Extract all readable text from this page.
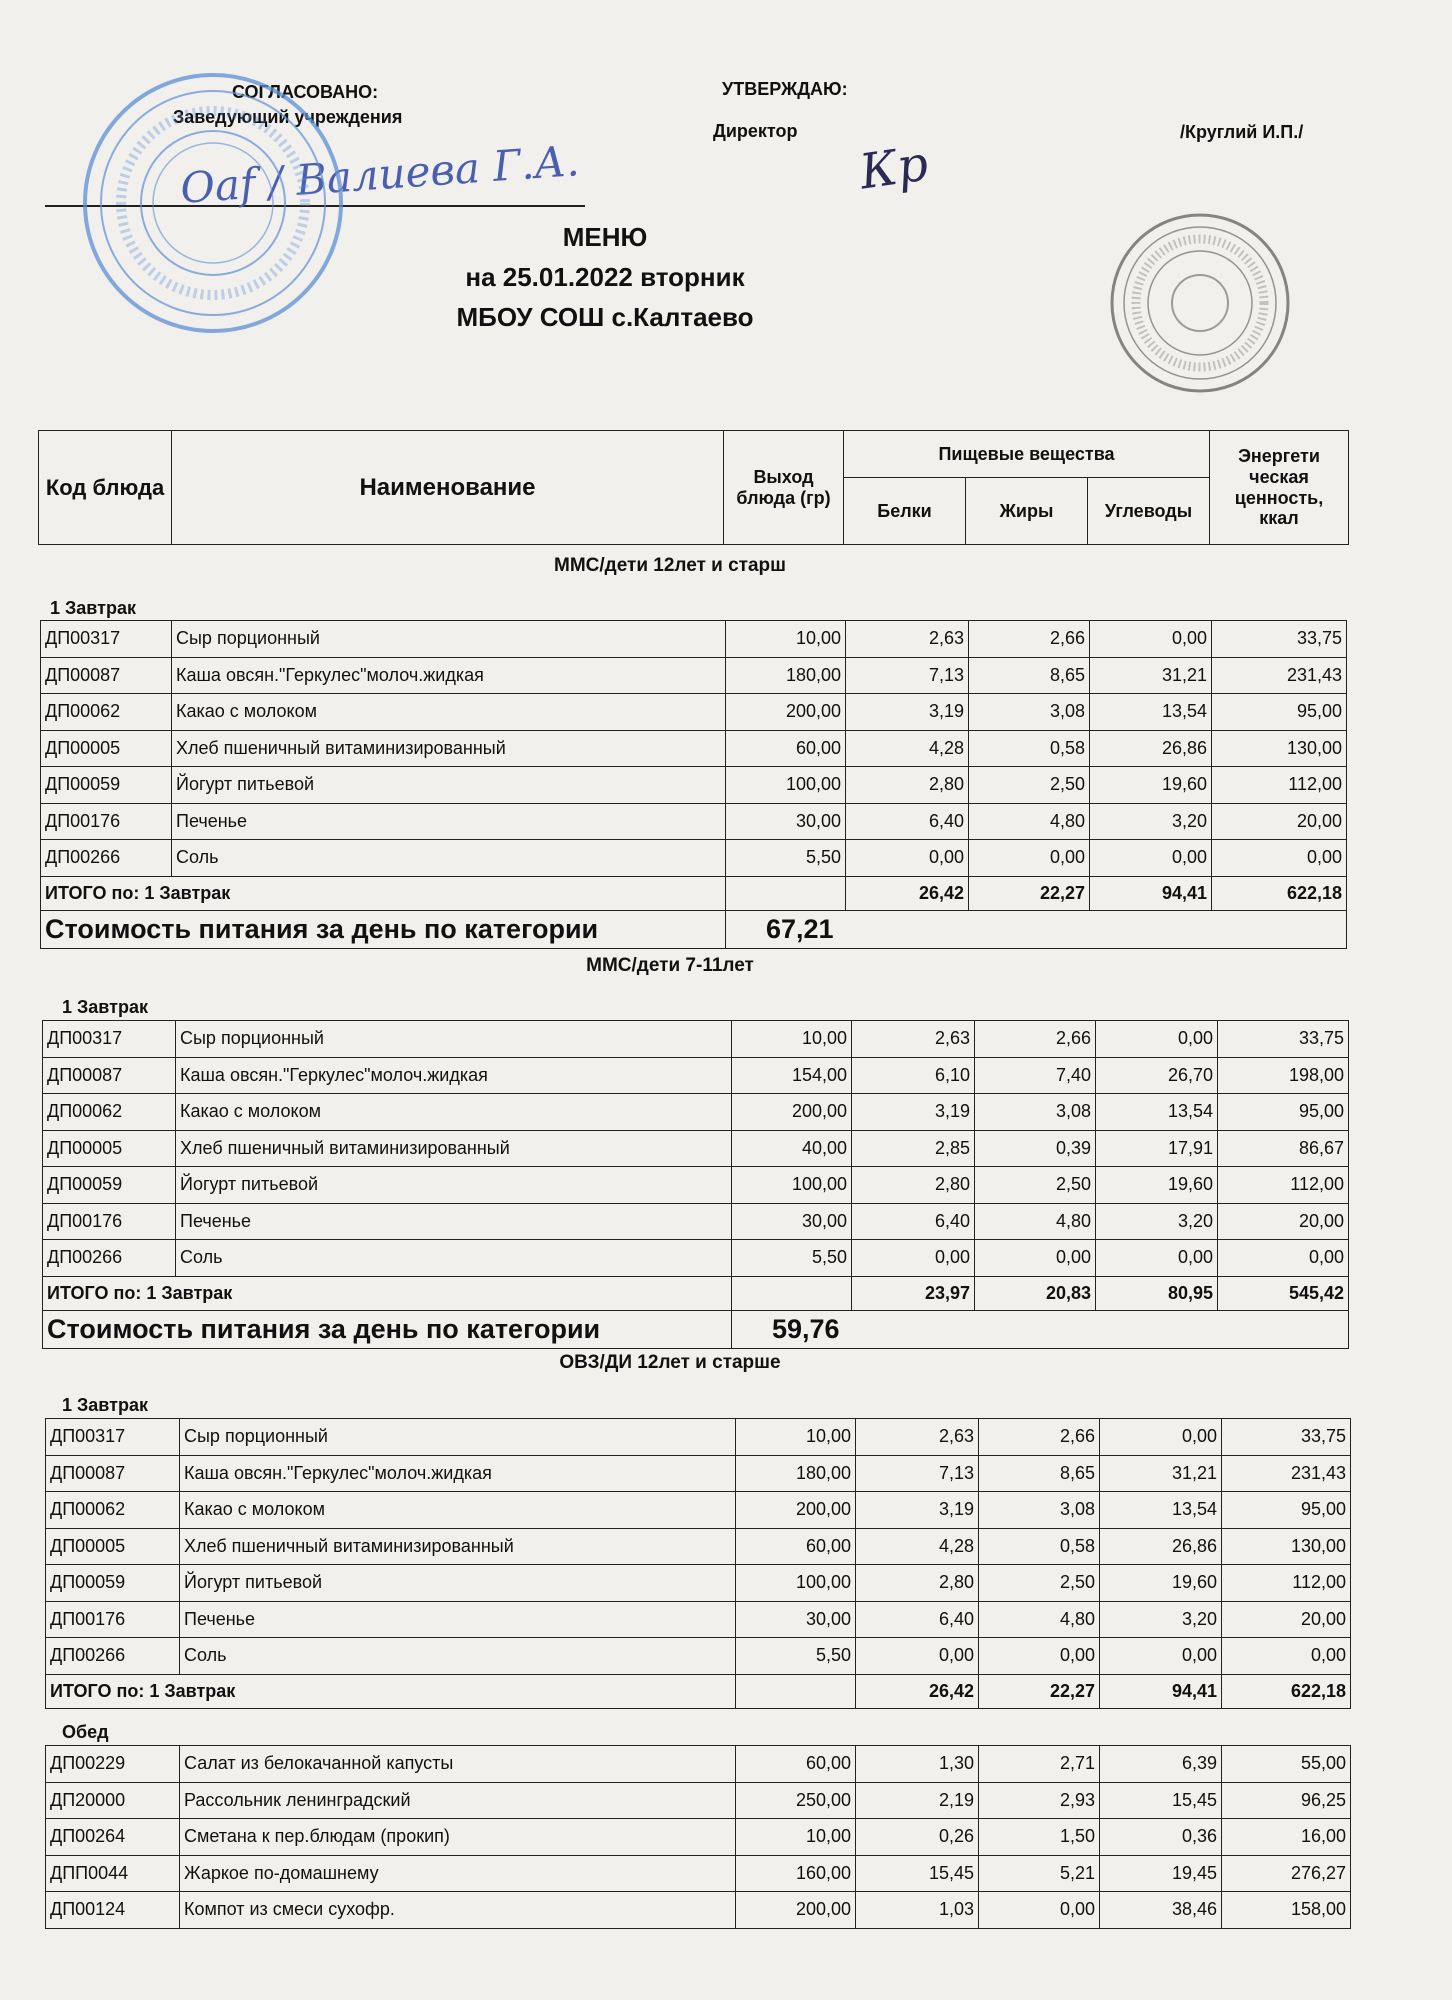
СОГЛАСОВАНО:
Заведующий учреждения
УТВЕРЖДАЮ:
Директор	/Круглий И.П./
Оаf / Валиева Г.А.	Кр
МЕНЮ
на 25.01.2022 вторник
МБОУ СОШ с.Калтаево
Код блюда	Наименование	Выход блюда (гр)	Пищевые вещества			Энергети ческая ценность, ккал
			Белки	Жиры	Углеводы	
ММС/дети 12лет и старш
1 Завтрак
ДП00317	Сыр порционный	10,00	2,63	2,66	0,00	33,75
ДП00087	Каша овсян."Геркулес"молоч.жидкая	180,00	7,13	8,65	31,21	231,43
ДП00062	Какао с молоком	200,00	3,19	3,08	13,54	95,00
ДП00005	Хлеб пшеничный витаминизированный	60,00	4,28	0,58	26,86	130,00
ДП00059	Йогурт питьевой	100,00	2,80	2,50	19,60	112,00
ДП00176	Печенье	30,00	6,40	4,80	3,20	20,00
ДП00266	Соль	5,50	0,00	0,00	0,00	0,00
ИТОГО по: 1 Завтрак			26,42	22,27	94,41	622,18
Стоимость питания за день по категории		67,21				
ММС/дети 7-11лет
1 Завтрак
ДП00317	Сыр порционный	10,00	2,63	2,66	0,00	33,75
ДП00087	Каша овсян."Геркулес"молоч.жидкая	154,00	6,10	7,40	26,70	198,00
ДП00062	Какао с молоком	200,00	3,19	3,08	13,54	95,00
ДП00005	Хлеб пшеничный витаминизированный	40,00	2,85	0,39	17,91	86,67
ДП00059	Йогурт питьевой	100,00	2,80	2,50	19,60	112,00
ДП00176	Печенье	30,00	6,40	4,80	3,20	20,00
ДП00266	Соль	5,50	0,00	0,00	0,00	0,00
ИТОГО по: 1 Завтрак			23,97	20,83	80,95	545,42
Стоимость питания за день по категории		59,76				
ОВЗ/ДИ 12лет и старше
1 Завтрак
ДП00317	Сыр порционный	10,00	2,63	2,66	0,00	33,75
ДП00087	Каша овсян."Геркулес"молоч.жидкая	180,00	7,13	8,65	31,21	231,43
ДП00062	Какао с молоком	200,00	3,19	3,08	13,54	95,00
ДП00005	Хлеб пшеничный витаминизированный	60,00	4,28	0,58	26,86	130,00
ДП00059	Йогурт питьевой	100,00	2,80	2,50	19,60	112,00
ДП00176	Печенье	30,00	6,40	4,80	3,20	20,00
ДП00266	Соль	5,50	0,00	0,00	0,00	0,00
ИТОГО по: 1 Завтрак			26,42	22,27	94,41	622,18
Обед
ДП00229	Салат из белокачанной капусты	60,00	1,30	2,71	6,39	55,00
ДП20000	Рассольник ленинградский	250,00	2,19	2,93	15,45	96,25
ДП00264	Сметана к пер.блюдам (прокип)	10,00	0,26	1,50	0,36	16,00
ДПП0044	Жаркое по-домашнему	160,00	15,45	5,21	19,45	276,27
ДП00124	Компот из смеси сухофр.	200,00	1,03	0,00	38,46	158,00
